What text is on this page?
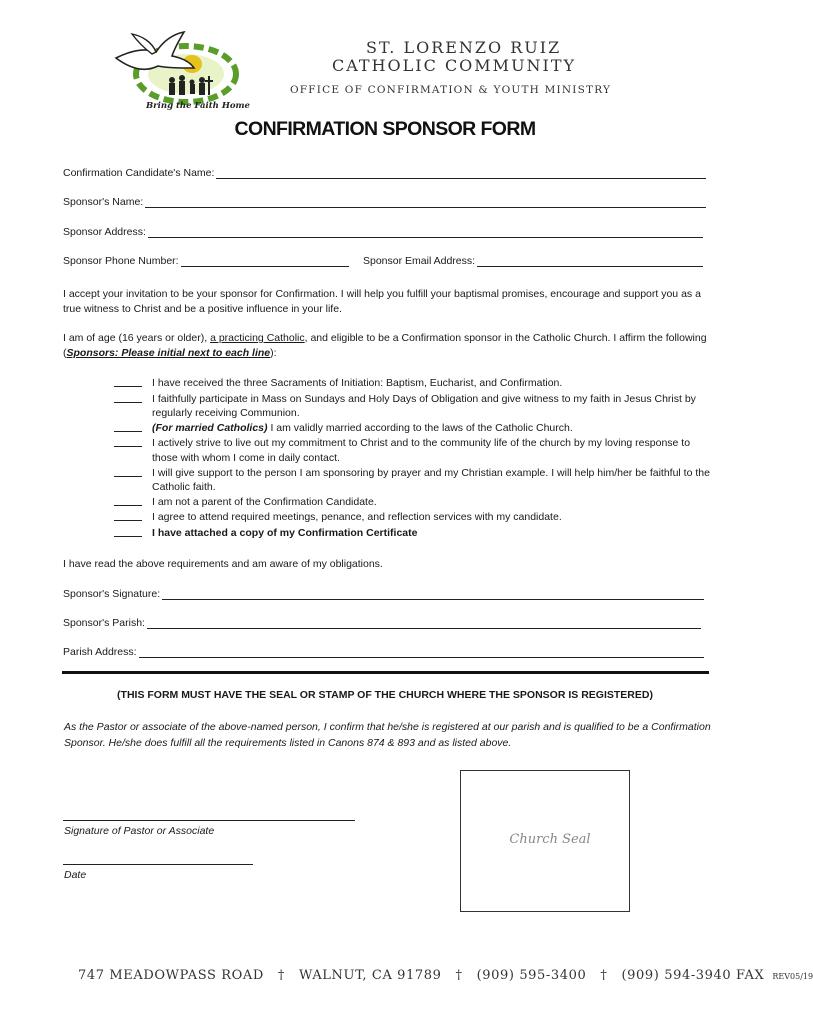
Bring the Faith Home
ST. LORENZO RUIZ
CATHOLIC COMMUNITY
OFFICE OF CONFIRMATION & YOUTH MINISTRY
CONFIRMATION SPONSOR FORM
Confirmation Candidate's Name:
Sponsor's Name:
Sponsor Address:
Sponsor Phone Number:	Sponsor Email Address:
I accept your invitation to be your sponsor for Confirmation. I will help you fulfill your baptismal promises, encourage and support you as a true witness to Christ and be a positive influence in your life.
I am of age (16 years or older), a practicing Catholic, and eligible to be a Confirmation sponsor in the Catholic Church. I affirm the following (Sponsors: Please initial next to each line):
I have received the three Sacraments of Initiation: Baptism, Eucharist, and Confirmation.
I faithfully participate in Mass on Sundays and Holy Days of Obligation and give witness to my faith in Jesus Christ by regularly receiving Communion.
(For married Catholics) I am validly married according to the laws of the Catholic Church.
I actively strive to live out my commitment to Christ and to the community life of the church by my loving response to those with whom I come in daily contact.
I will give support to the person I am sponsoring by prayer and my Christian example. I will help him/her be faithful to the Catholic faith.
I am not a parent of the Confirmation Candidate.
I agree to attend required meetings, penance, and reflection services with my candidate.
I have attached a copy of my Confirmation Certificate
I have read the above requirements and am aware of my obligations.
Sponsor's Signature:
Sponsor's Parish:
Parish Address:
(THIS FORM MUST HAVE THE SEAL OR STAMP OF THE CHURCH WHERE THE SPONSOR IS REGISTERED)
As the Pastor or associate of the above-named person, I confirm that he/she is registered at our parish and is qualified to be a Confirmation Sponsor. He/she does fulfill all the requirements listed in Canons 874 & 893 and as listed above.
Signature of Pastor or Associate
Date
Church Seal
747 MEADOWPASS ROAD † WALNUT, CA 91789 † (909) 595-3400 † (909) 594-3940 FAX REV05/19
